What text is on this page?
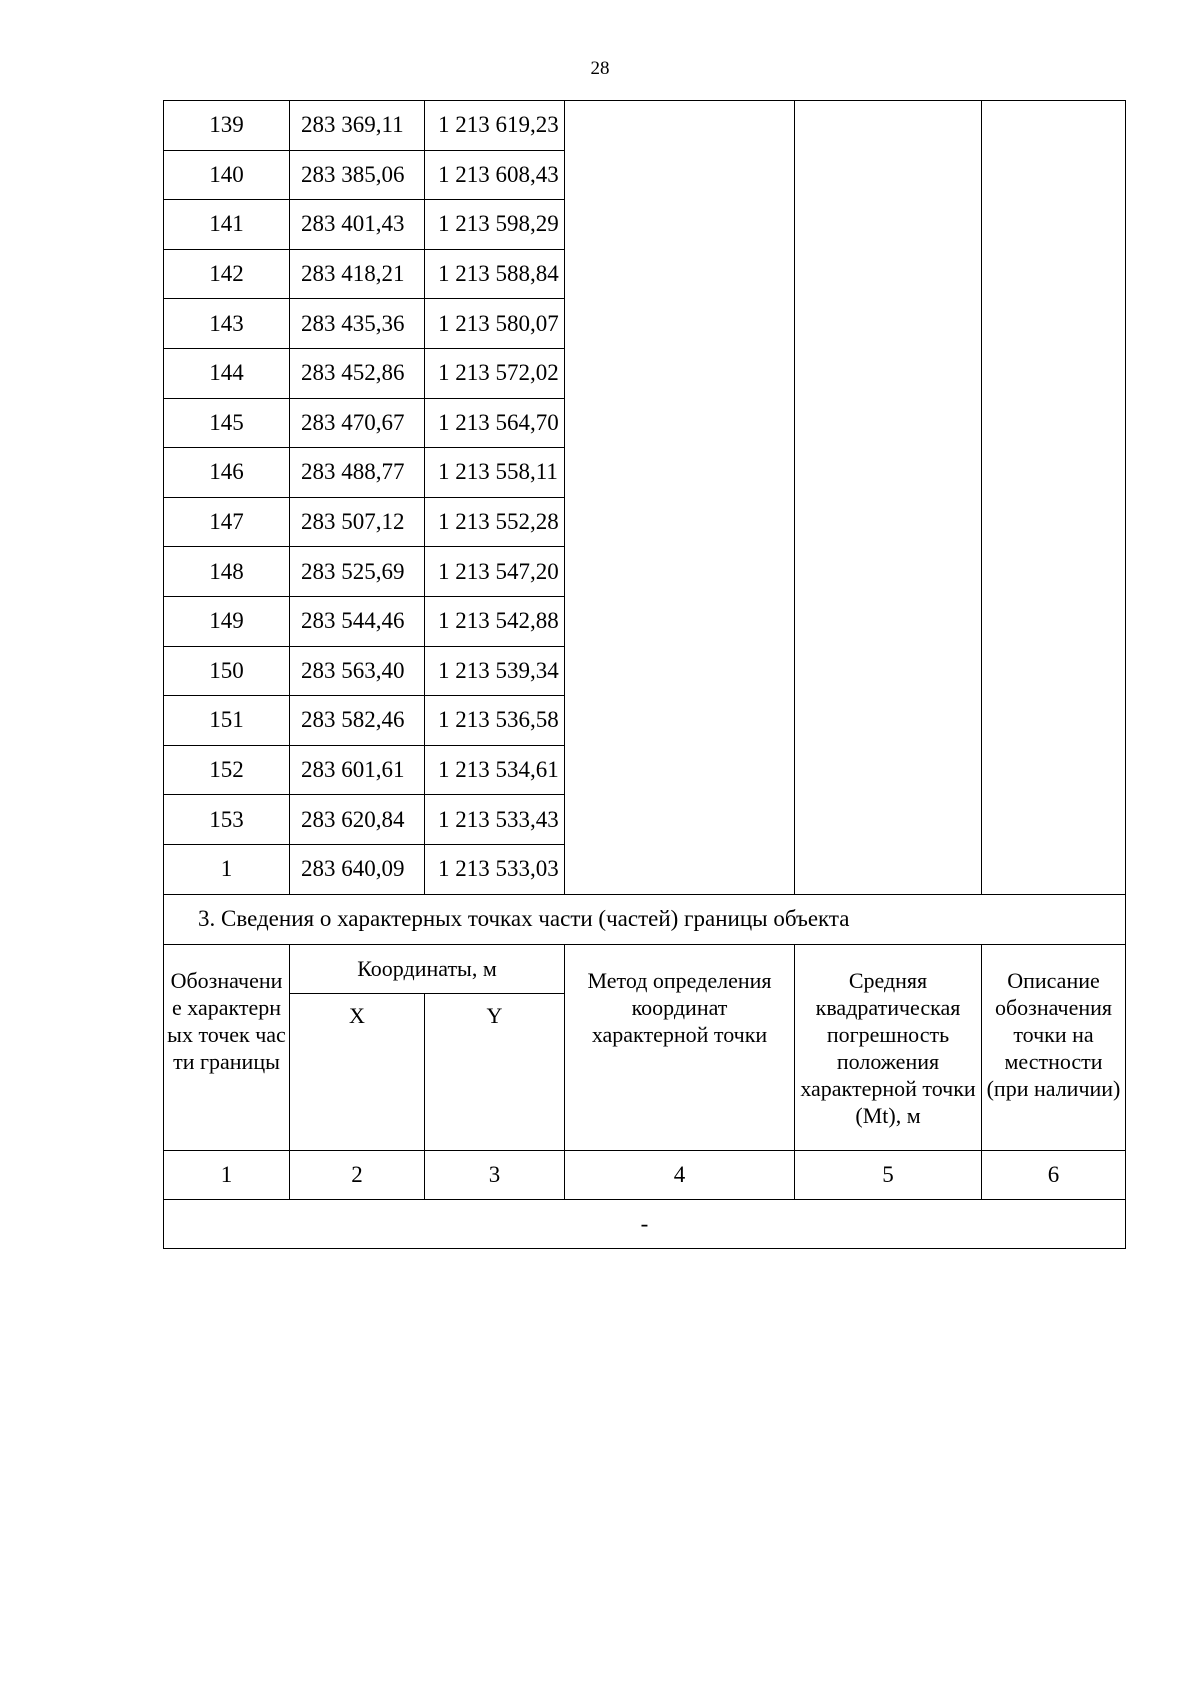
28
139	283 369,11	1 213 619,23			
140	283 385,06	1 213 608,43			
141	283 401,43	1 213 598,29			
142	283 418,21	1 213 588,84			
143	283 435,36	1 213 580,07			
144	283 452,86	1 213 572,02			
145	283 470,67	1 213 564,70			
146	283 488,77	1 213 558,11			
147	283 507,12	1 213 552,28			
148	283 525,69	1 213 547,20			
149	283 544,46	1 213 542,88			
150	283 563,40	1 213 539,34			
151	283 582,46	1 213 536,58			
152	283 601,61	1 213 534,61			
153	283 620,84	1 213 533,43			
1	283 640,09	1 213 533,03			
3. Сведения о характерных точках части (частей) границы объекта					
Обозначение характерных точек части границы	Координаты, м		Метод определения координат характерной точки	Средняя квадратическая погрешность положения характерной точки (Mt), м	Описание обозначения точки на местности (при наличии)
	X	Y			
1	2	3	4	5	6
-					
